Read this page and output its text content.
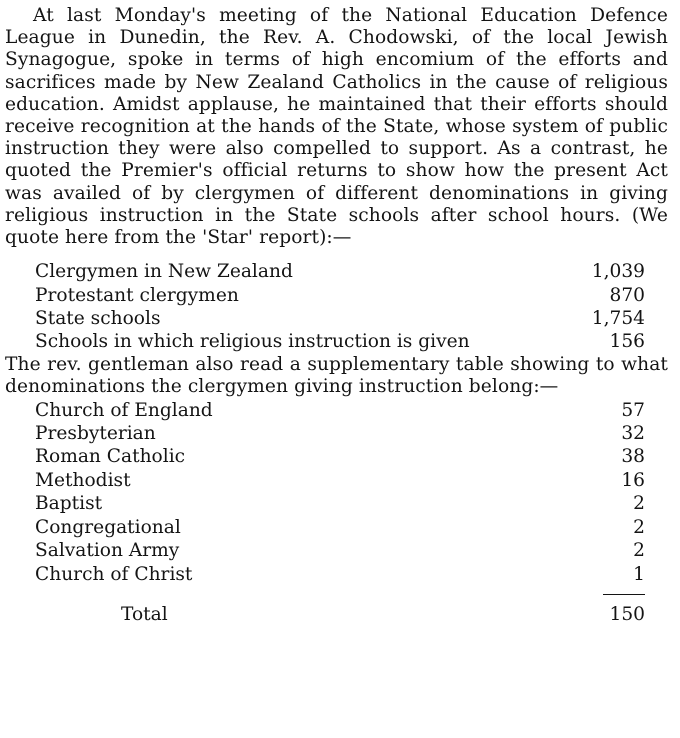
At last Monday's meeting of the National Education Defence League in Dunedin, the Rev. A. Chodowski, of the local Jewish Synagogue, spoke in terms of high encomium of the efforts and sacrifices made by New Zealand Catholics in the cause of religious education. Amidst applause, he maintained that their efforts should receive recognition at the hands of the State, whose system of public instruction they were also compelled to support. As a contrast, he quoted the Premier's official returns to show how the present Act was availed of by clergymen of different denominations in giving religious instruction in the State schools after school hours. (We quote here from the 'Star' report):—

Clergymen in New Zealand	1,039
Protestant clergymen	870
State schools	1,754
Schools in which religious instruction is given	156

The rev. gentleman also read a supplementary table showing to what denominations the clergymen giving instruction belong:—

Church of England	57
Presbyterian	32
Roman Catholic	38
Methodist	16
Baptist	2
Congregational	2
Salvation Army	2
Church of Christ	1
Total	150
